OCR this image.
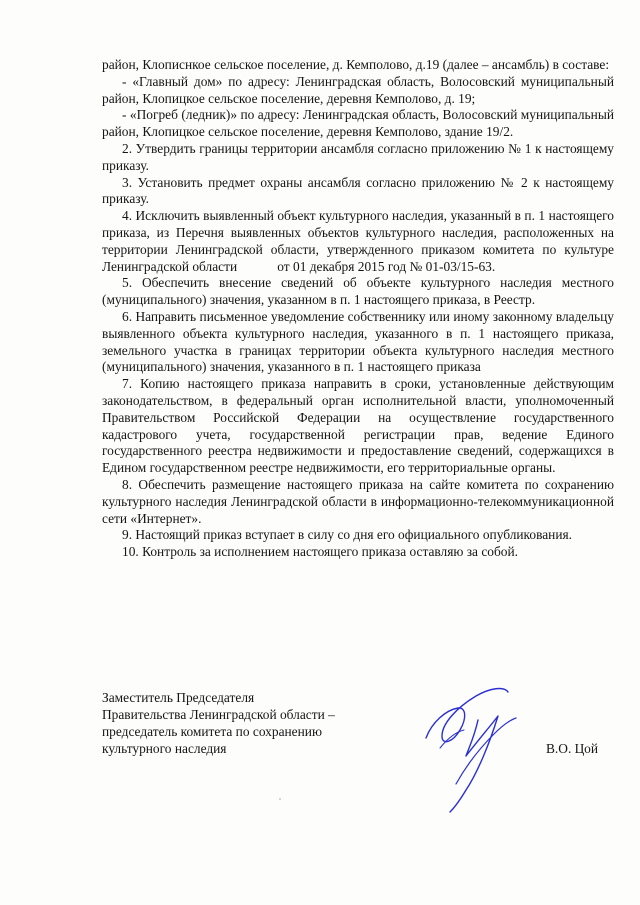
район, Клописнкое сельское поселение, д. Кемполово, д.19 (далее – ансамбль) в составе:

- «Главный дом» по адресу: Ленинградская область, Волосовский муниципальный район, Клопицкое сельское поселение, деревня Кемполово, д. 19;

- «Погреб (ледник)» по адресу: Ленинградская область, Волосовский муниципальный район, Клопицкое сельское поселение, деревня Кемполово, здание 19/2.

2. Утвердить границы территории ансамбля согласно приложению № 1 к настоящему приказу.

3. Установить предмет охраны ансамбля согласно приложению № 2 к настоящему приказу.

4. Исключить выявленный объект культурного наследия, указанный в п. 1 настоящего приказа, из Перечня выявленных объектов культурного наследия, расположенных на территории Ленинградской области, утвержденного приказом комитета по культуре Ленинградской области            от 01 декабря 2015 год № 01-03/15-63.

5. Обеспечить внесение сведений об объекте культурного наследия местного (муниципального) значения, указанном в п. 1 настоящего приказа, в Реестр.

6. Направить письменное уведомление собственнику или иному законному владельцу выявленного объекта культурного наследия, указанного в п. 1 настоящего приказа, земельного участка в границах территории объекта культурного наследия местного (муниципального) значения, указанного в п. 1 настоящего приказа

7. Копию настоящего приказа направить в сроки, установленные действующим законодательством, в федеральный орган исполнительной власти, уполномоченный Правительством Российской Федерации на осуществление государственного кадастрового учета, государственной регистрации прав, ведение Единого государственного реестра недвижимости и предоставление сведений, содержащихся в Едином государственном реестре недвижимости, его территориальные органы.

8. Обеспечить размещение настоящего приказа на сайте комитета по сохранению культурного наследия Ленинградской области в информационно-телекоммуникационной сети «Интернет».

9. Настоящий приказ вступает в силу со дня его официального опубликования.

10. Контроль за исполнением настоящего приказа оставляю за собой.

Заместитель Председателя
Правительства Ленинградской области –
председатель комитета по сохранению
культурного наследия	В.О. Цой
